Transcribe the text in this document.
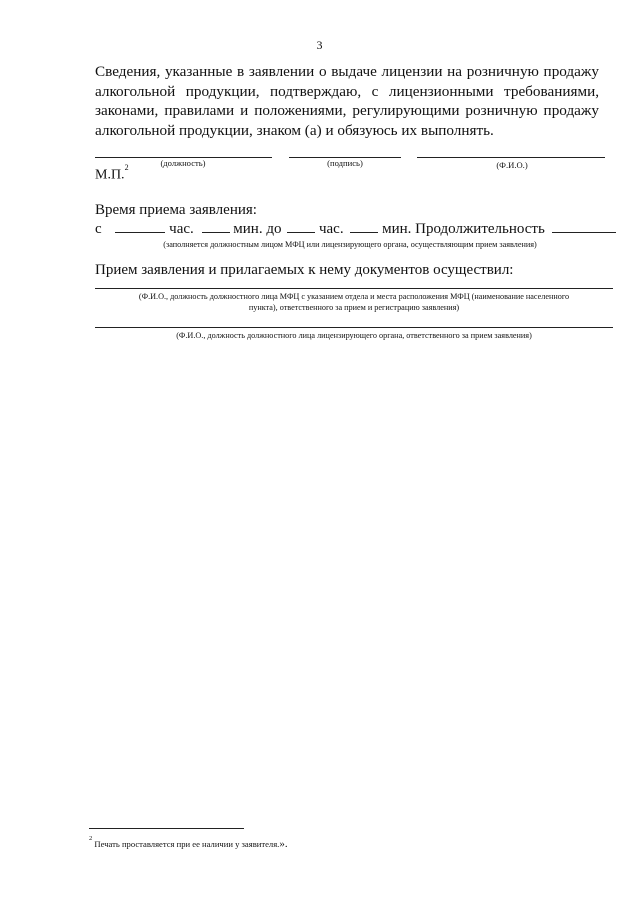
3
Сведения, указанные в заявлении о выдаче лицензии на розничную продажу алкогольной продукции, подтверждаю, с лицензионными требованиями, законами, правилами и положениями, регулирующими розничную продажу алкогольной продукции, знаком (а) и обязуюсь их выполнять.
(должность)	(подпись)	(Ф.И.О.)
М.П.$^2$
Время приема заявления:
с	час.	мин. до	час.	мин. Продолжительность
(заполняется должностным лицом МФЦ или лицензирующего органа, осуществляющим прием заявления)
Прием заявления и прилагаемых к нему документов осуществил:
(Ф.И.О., должность должностного лица МФЦ с указанием отдела и места расположения МФЦ (наименование населенного
пункта), ответственного за прием и регистрацию заявления)
(Ф.И.О., должность должностного лица лицензирующего органа, ответственного за прием заявления)
$^2$ Печать проставляется при ее наличии у заявителя.».
